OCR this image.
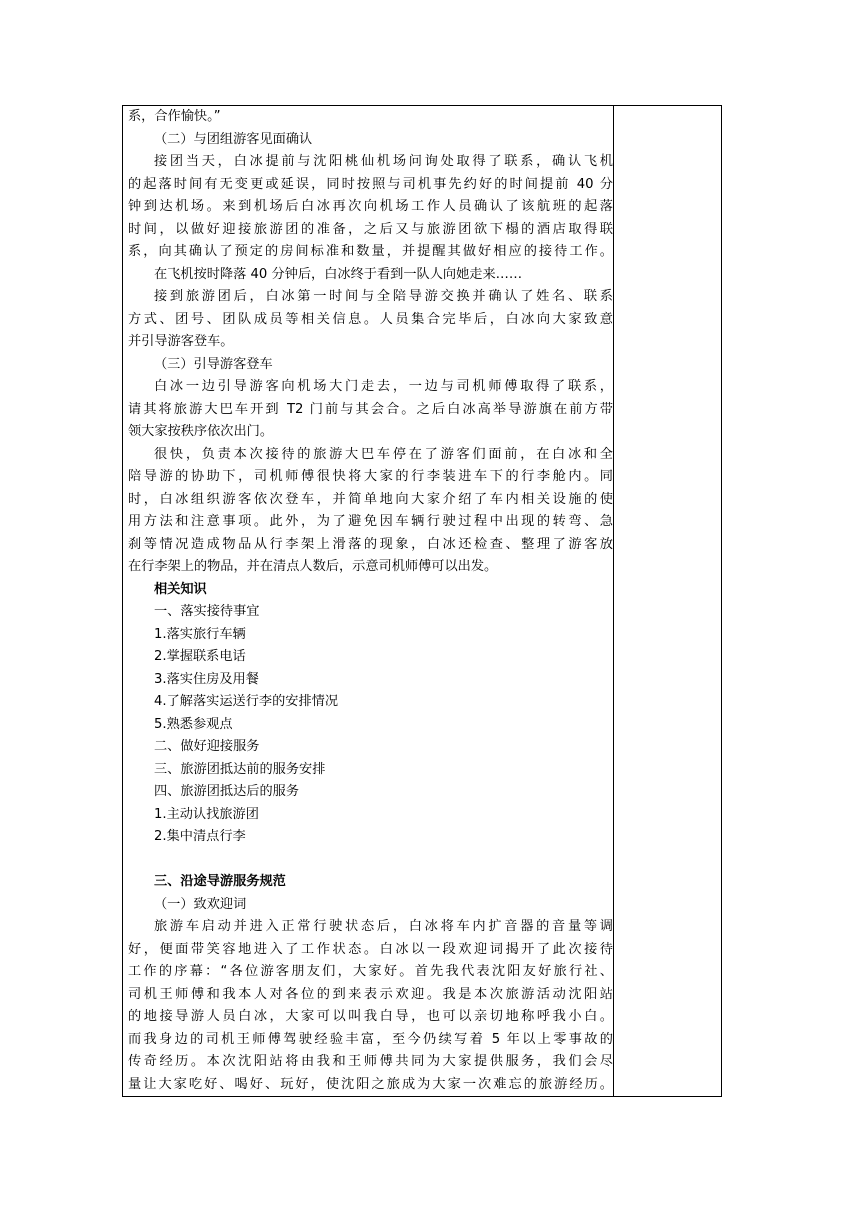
系，合作愉快。”
（二）与团组游客见面确认
接团当天，白冰提前与沈阳桃仙机场问询处取得了联系，确认飞机
的起落时间有无变更或延误，同时按照与司机事先约好的时间提前 40 分
钟到达机场。来到机场后白冰再次向机场工作人员确认了该航班的起落
时间，以做好迎接旅游团的准备，之后又与旅游团欲下榻的酒店取得联
系，向其确认了预定的房间标准和数量，并提醒其做好相应的接待工作。
在飞机按时降落 40 分钟后，白冰终于看到一队人向她走来……
接到旅游团后，白冰第一时间与全陪导游交换并确认了姓名、联系
方式、团号、团队成员等相关信息。人员集合完毕后，白冰向大家致意
并引导游客登车。
（三）引导游客登车
白冰一边引导游客向机场大门走去，一边与司机师傅取得了联系，
请其将旅游大巴车开到 T2 门前与其会合。之后白冰高举导游旗在前方带
领大家按秩序依次出门。
很快，负责本次接待的旅游大巴车停在了游客们面前，在白冰和全
陪导游的协助下，司机师傅很快将大家的行李装进车下的行李舱内。同
时，白冰组织游客依次登车，并简单地向大家介绍了车内相关设施的使
用方法和注意事项。此外，为了避免因车辆行驶过程中出现的转弯、急
刹等情况造成物品从行李架上滑落的现象，白冰还检查、整理了游客放
在行李架上的物品，并在清点人数后，示意司机师傅可以出发。
相关知识
一、落实接待事宜
1.落实旅行车辆
2.掌握联系电话
3.落实住房及用餐
4.了解落实运送行李的安排情况
5.熟悉参观点
二、做好迎接服务
三、旅游团抵达前的服务安排
四、旅游团抵达后的服务
1.主动认找旅游团
2.集中清点行李
三、沿途导游服务规范
（一）致欢迎词
旅游车启动并进入正常行驶状态后，白冰将车内扩音器的音量等调
好，便面带笑容地进入了工作状态。白冰以一段欢迎词揭开了此次接待
工作的序幕：“各位游客朋友们，大家好。首先我代表沈阳友好旅行社、
司机王师傅和我本人对各位的到来表示欢迎。我是本次旅游活动沈阳站
的地接导游人员白冰，大家可以叫我白导，也可以亲切地称呼我小白。
而我身边的司机王师傅驾驶经验丰富，至今仍续写着 5 年以上零事故的
传奇经历。本次沈阳站将由我和王师傅共同为大家提供服务，我们会尽
量让大家吃好、喝好、玩好，使沈阳之旅成为大家一次难忘的旅游经历。
